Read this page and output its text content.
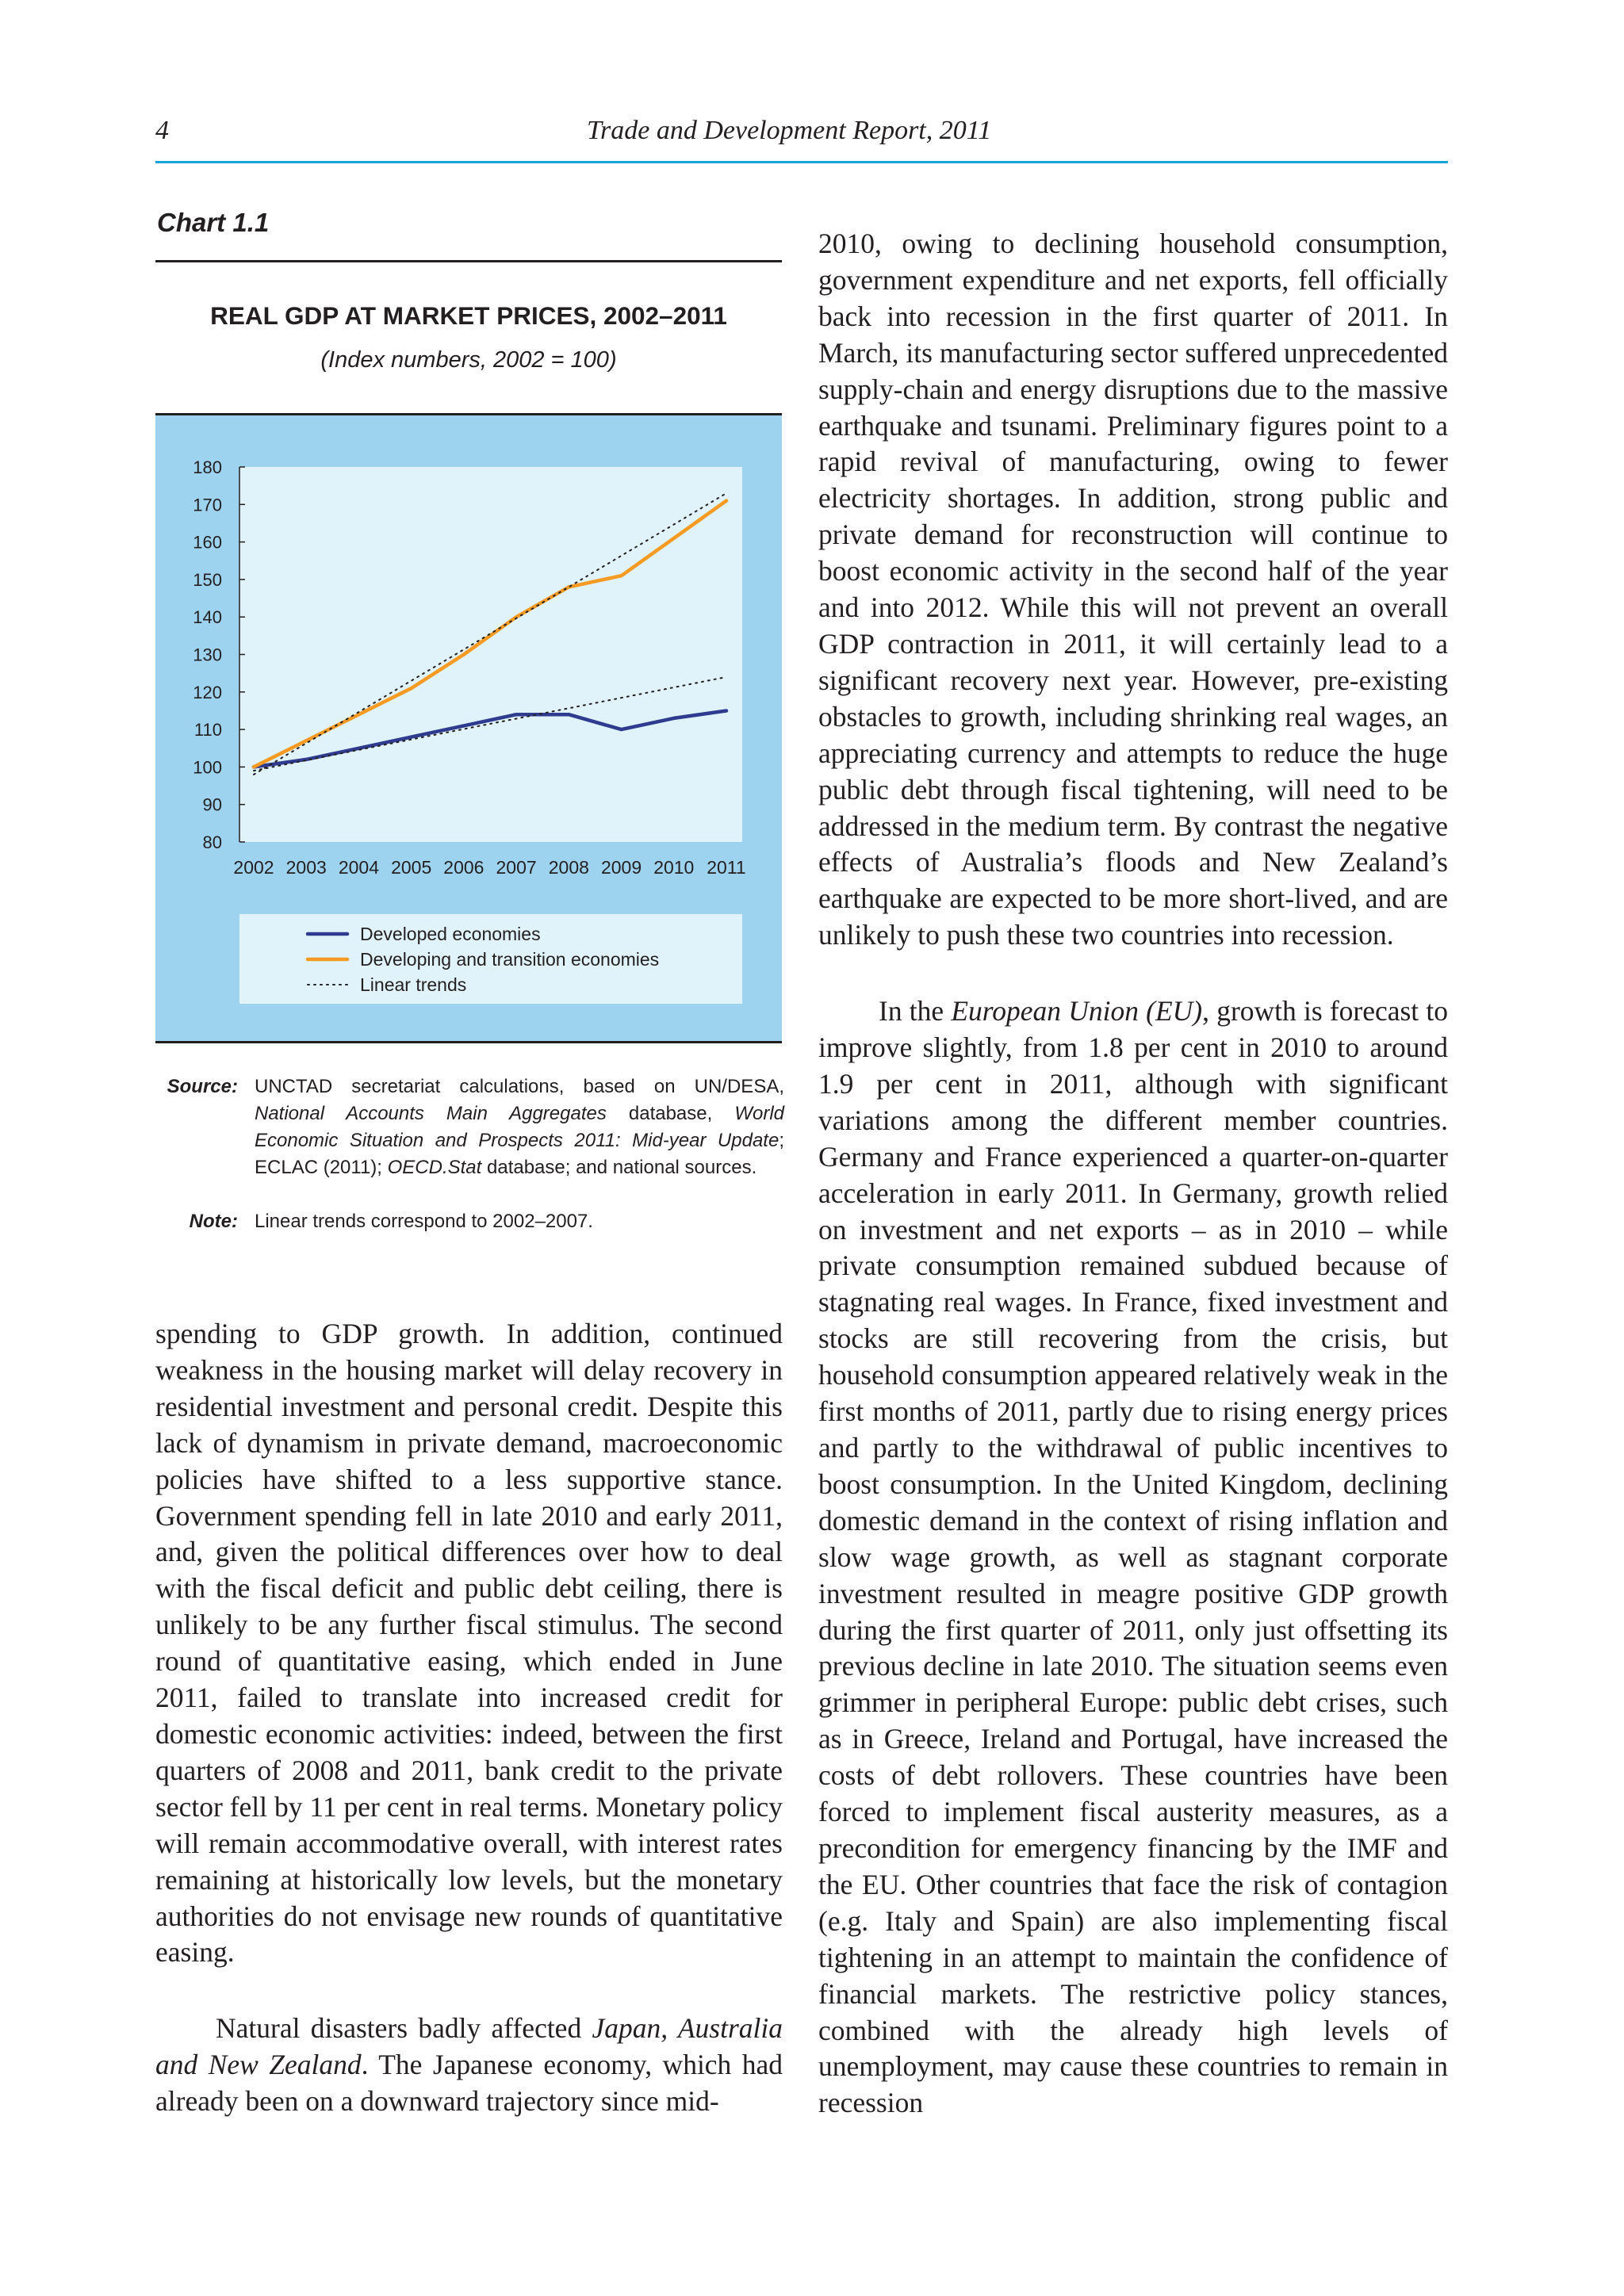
4	Trade and Development Report, 2011
Chart 1.1
REAL GDP AT MARKET PRICES, 2002–2011
(Index numbers, 2002 = 100)
80
90
100
110
120
130
140
150
160
170
180
2002 2003 2004 2005 2006 2007 2008 2009 2010 2011
Developed economies
Developing and transition economies
Linear trends
Source: UNCTAD secretariat calculations, based on UN/DESA, National Accounts Main Aggregates database, World Economic Situation and Prospects 2011: Mid-year Update; ECLAC (2011); OECD.Stat database; and national sources.
Note: Linear trends correspond to 2002–2007.

spending to GDP growth. In addition, continued weakness in the housing market will delay recovery in residential investment and personal credit. Despite this lack of dynamism in private demand, macroeconomic policies have shifted to a less supportive stance. Government spending fell in late 2010 and early 2011, and, given the political differences over how to deal with the fiscal deficit and public debt ceiling, there is unlikely to be any further fiscal stimulus. The second round of quantitative easing, which ended in June 2011, failed to translate into increased credit for domestic economic activities: indeed, between the first quarters of 2008 and 2011, bank credit to the private sector fell by 11 per cent in real terms. Monetary policy will remain accommodative overall, with interest rates remaining at historically low levels, but the monetary authorities do not envisage new rounds of quantitative easing.

Natural disasters badly affected Japan, Australia and New Zealand. The Japanese economy, which had already been on a downward trajectory since mid-

2010, owing to declining household consumption, government expenditure and net exports, fell officially back into recession in the first quarter of 2011. In March, its manufacturing sector suffered unprecedented supply-chain and energy disruptions due to the massive earthquake and tsunami. Preliminary figures point to a rapid revival of manufacturing, owing to fewer electricity shortages. In addition, strong public and private demand for reconstruction will continue to boost economic activity in the second half of the year and into 2012. While this will not prevent an overall GDP contraction in 2011, it will certainly lead to a significant recovery next year. However, pre-existing obstacles to growth, including shrinking real wages, an appreciating currency and attempts to reduce the huge public debt through fiscal tightening, will need to be addressed in the medium term. By contrast the negative effects of Australia’s floods and New Zealand’s earthquake are expected to be more short-lived, and are unlikely to push these two countries into recession.

In the European Union (EU), growth is forecast to improve slightly, from 1.8 per cent in 2010 to around 1.9 per cent in 2011, although with significant variations among the different member countries. Germany and France experienced a quarter-on-quarter acceleration in early 2011. In Germany, growth relied on investment and net exports – as in 2010 – while private consumption remained subdued because of stagnating real wages. In France, fixed investment and stocks are still recovering from the crisis, but household consumption appeared relatively weak in the first months of 2011, partly due to rising energy prices and partly to the withdrawal of public incentives to boost consumption. In the United Kingdom, declining domestic demand in the context of rising inflation and slow wage growth, as well as stagnant corporate investment resulted in meagre positive GDP growth during the first quarter of 2011, only just offsetting its previous decline in late 2010. The situation seems even grimmer in peripheral Europe: public debt crises, such as in Greece, Ireland and Portugal, have increased the costs of debt rollovers. These countries have been forced to implement fiscal austerity measures, as a precondition for emergency financing by the IMF and the EU. Other countries that face the risk of contagion (e.g. Italy and Spain) are also implementing fiscal tightening in an attempt to maintain the confidence of financial markets. The restrictive policy stances, combined with the already high levels of unemployment, may cause these countries to remain in recession
